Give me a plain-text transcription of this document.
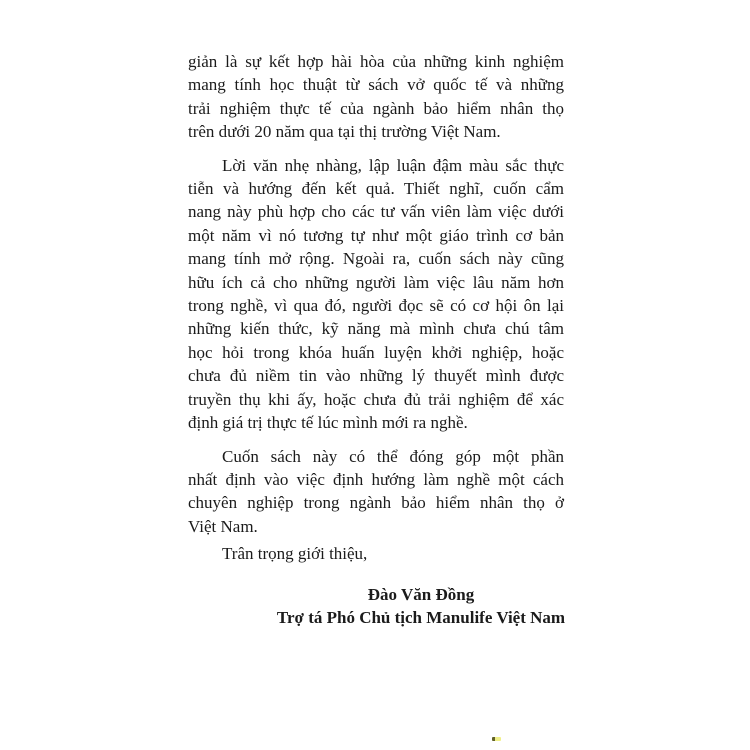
giản là sự kết hợp hài hòa của những kinh nghiệm
mang tính học thuật từ sách vở quốc tế và những
trải nghiệm thực tế của ngành bảo hiểm nhân thọ
trên dưới 20 năm qua tại thị trường Việt Nam.
Lời văn nhẹ nhàng, lập luận đậm màu sắc thực
tiễn và hướng đến kết quả. Thiết nghĩ, cuốn cẩm
nang này phù hợp cho các tư vấn viên làm việc dưới
một năm vì nó tương tự như một giáo trình cơ bản
mang tính mở rộng. Ngoài ra, cuốn sách này cũng
hữu ích cả cho những người làm việc lâu năm hơn
trong nghề, vì qua đó, người đọc sẽ có cơ hội ôn lại
những kiến thức, kỹ năng mà mình chưa chú tâm
học hỏi trong khóa huấn luyện khởi nghiệp, hoặc
chưa đủ niềm tin vào những lý thuyết mình được
truyền thụ khi ấy, hoặc chưa đủ trải nghiệm để xác
định giá trị thực tế lúc mình mới ra nghề.
Cuốn sách này có thể đóng góp một phần
nhất định vào việc định hướng làm nghề một cách
chuyên nghiệp trong ngành bảo hiểm nhân thọ ở
Việt Nam.
Trân trọng giới thiệu,
Đào Văn Đồng
Trợ tá Phó Chủ tịch Manulife Việt Nam
